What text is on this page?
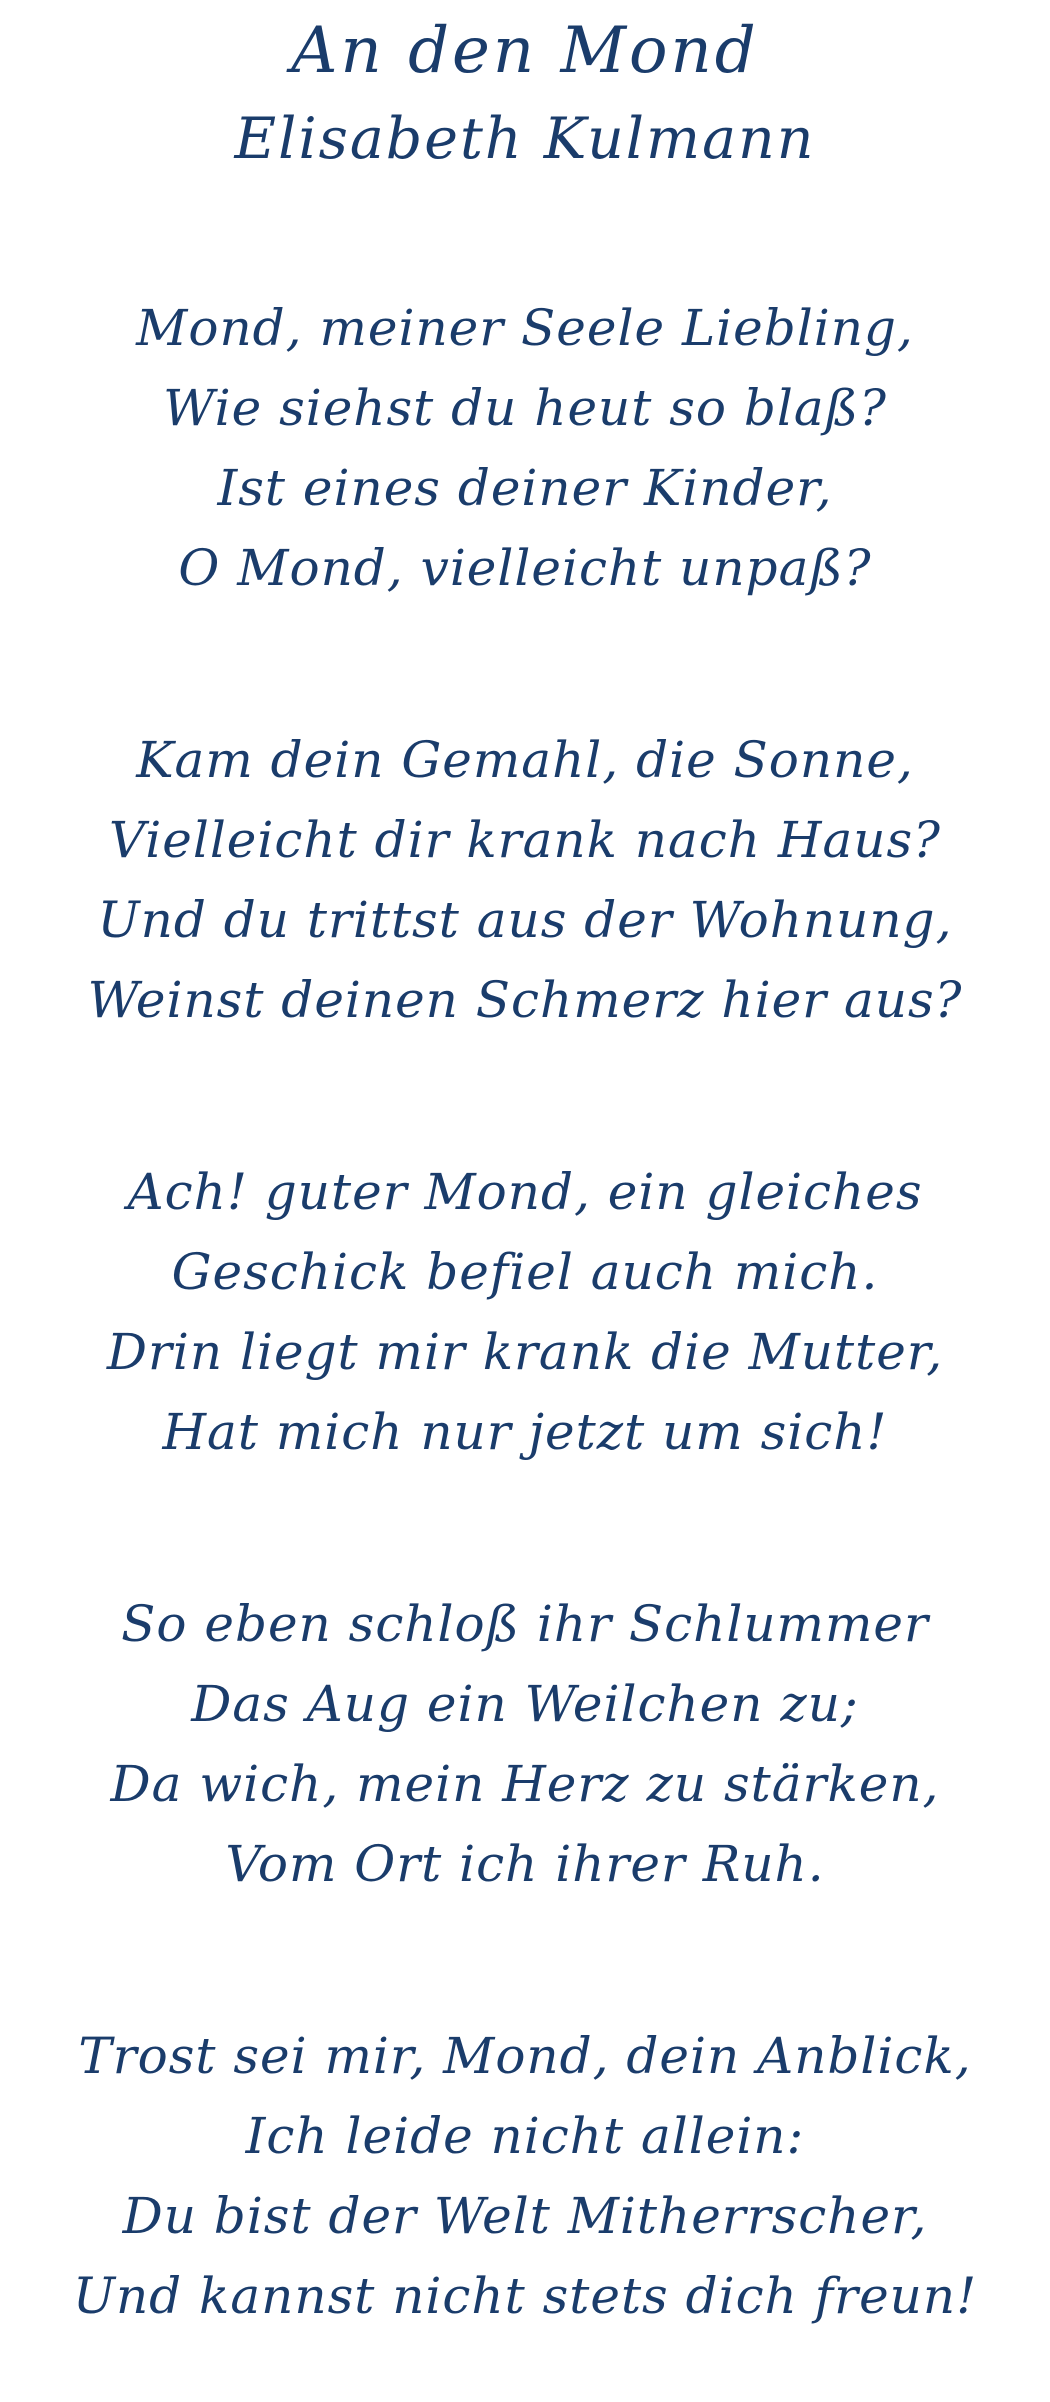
An den Mond
Elisabeth Kulmann
Mond, meiner Seele Liebling,
Wie siehst du heut so blaß?
Ist eines deiner Kinder,
O Mond, vielleicht unpaß?
Kam dein Gemahl, die Sonne,
Vielleicht dir krank nach Haus?
Und du trittst aus der Wohnung,
Weinst deinen Schmerz hier aus?
Ach! guter Mond, ein gleiches
Geschick befiel auch mich.
Drin liegt mir krank die Mutter,
Hat mich nur jetzt um sich!
So eben schloß ihr Schlummer
Das Aug ein Weilchen zu;
Da wich, mein Herz zu stärken,
Vom Ort ich ihrer Ruh.
Trost sei mir, Mond, dein Anblick,
Ich leide nicht allein:
Du bist der Welt Mitherrscher,
Und kannst nicht stets dich freun!
